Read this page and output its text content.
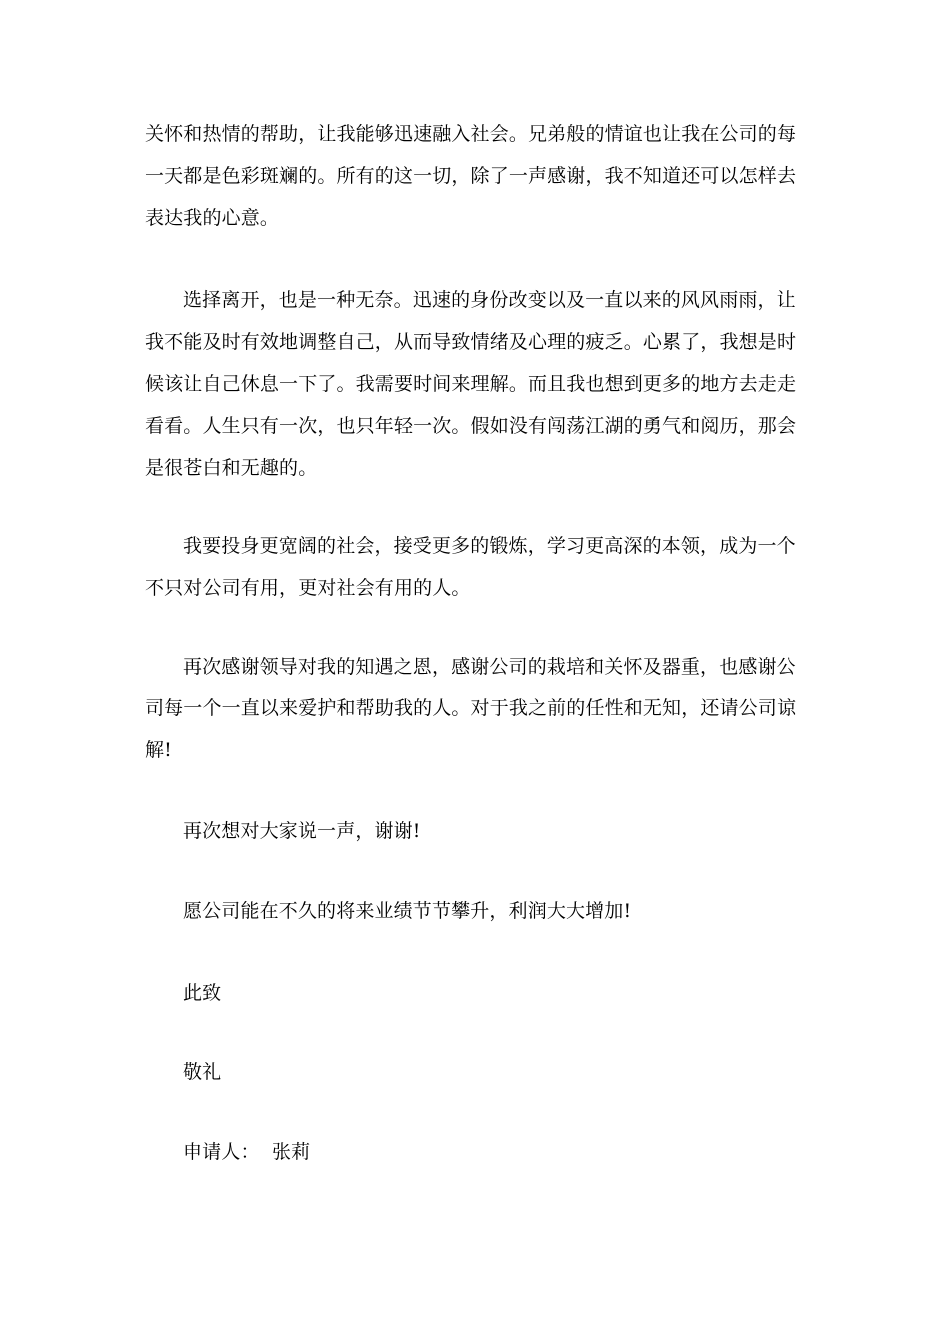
关怀和热情的帮助，让我能够迅速融入社会。兄弟般的情谊也让我在公司的每
一天都是色彩斑斓的。所有的这一切，除了一声感谢，我不知道还可以怎样去
表达我的心意。
选择离开，也是一种无奈。迅速的身份改变以及一直以来的风风雨雨，让
我不能及时有效地调整自己，从而导致情绪及心理的疲乏。心累了，我想是时
候该让自己休息一下了。我需要时间来理解。而且我也想到更多的地方去走走
看看。人生只有一次，也只年轻一次。假如没有闯荡江湖的勇气和阅历，那会
是很苍白和无趣的。
我要投身更宽阔的社会，接受更多的锻炼，学习更高深的本领，成为一个
不只对公司有用，更对社会有用的人。
再次感谢领导对我的知遇之恩，感谢公司的栽培和关怀及器重，也感谢公
司每一个一直以来爱护和帮助我的人。对于我之前的任性和无知，还请公司谅
解!
再次想对大家说一声，谢谢!
愿公司能在不久的将来业绩节节攀升，利润大大增加!
此致
敬礼
申请人：  张莉
